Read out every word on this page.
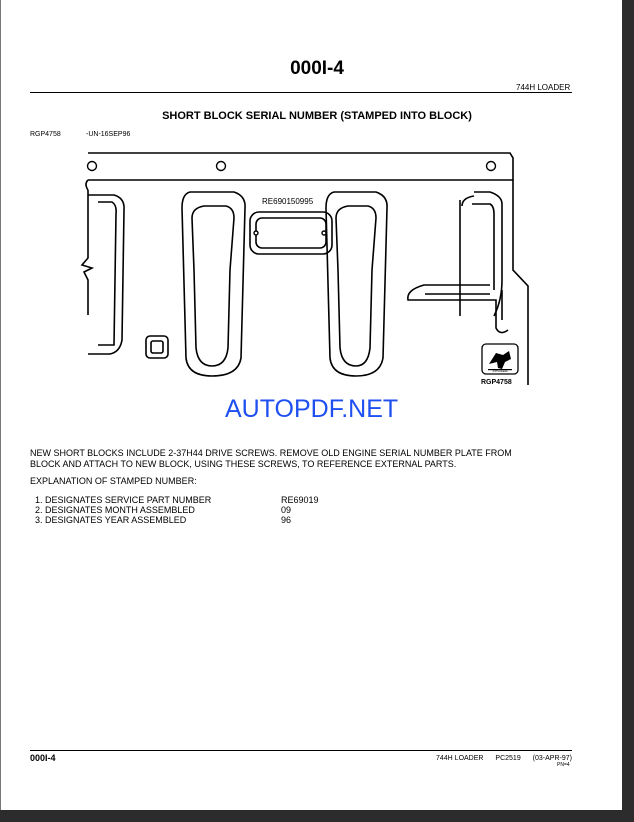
000I-4
744H LOADER
SHORT BLOCK SERIAL NUMBER (STAMPED INTO BLOCK)
RGP4758	-UN-16SEP96
JOHN DEERE
RE690150995
RGP4758
AUTOPDF.NET
NEW SHORT BLOCKS INCLUDE 2-37H44 DRIVE SCREWS. REMOVE OLD ENGINE SERIAL NUMBER PLATE FROM
BLOCK AND ATTACH TO NEW BLOCK, USING THESE SCREWS, TO REFERENCE EXTERNAL PARTS.
EXPLANATION OF STAMPED NUMBER:
1. DESIGNATES SERVICE PART NUMBER	RE69019
2. DESIGNATES MONTH ASSEMBLED	09
3. DESIGNATES YEAR ASSEMBLED	96
000I-4	744H LOADER PC2519 (03-APR-97)
PN=4
